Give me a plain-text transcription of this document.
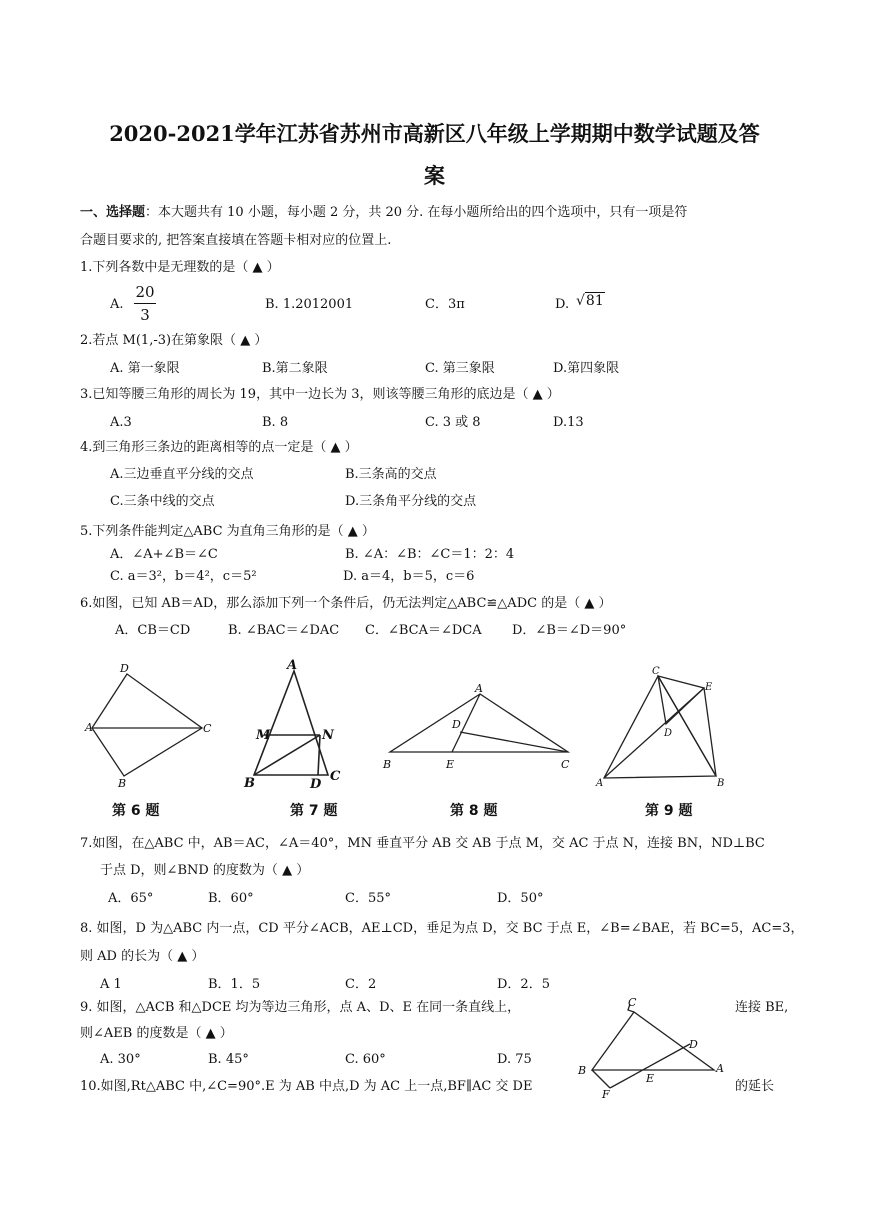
2020-2021学年江苏省苏州市高新区八年级上学期期中数学试题及答
案
一、选择题：本大题共有 10 小题，每小题 2 分，共 20 分. 在每小题所给出的四个选项中，只有一项是符
合题目要求的, 把答案直接填在答题卡相对应的位置上.
1.下列各数中是无理数的是（ ▲ ）
A.
20
3
B. 1.2012001	C．3π	D. √81
2.若点 M(1,-3)在第象限（ ▲ ）
A. 第一象限	B.第二象限	C. 第三象限	D.第四象限
3.已知等腰三角形的周长为 19，其中一边长为 3，则该等腰三角形的底边是（ ▲ ）
A.3	B. 8	C. 3 或 8	D.13
4.到三角形三条边的距离相等的点一定是（ ▲ ）
A.三边垂直平分线的交点	B.三条高的交点
C.三条中线的交点	D.三条角平分线的交点
5.下列条件能判定△ABC 为直角三角形的是（ ▲ ）
A．∠A+∠B＝∠C	B. ∠A：∠B：∠C＝1：2：4
C. a＝3²，b＝4²，c＝5²	D. a＝4，b＝5，c＝6
6.如图，已知 AB＝AD，那么添加下列一个条件后，仍无法判定△ABC≌△ADC 的是（ ▲ ）
A．CB＝CD	B. ∠BAC＝∠DAC C．∠BCA＝∠DCA D．∠B＝∠D＝90°
D
A	C
B
第 6 题
A
M	N
B	D
C
第 7 题
A
D
B	E	C
第 8 题
C
E
D
A	B
第 9 题
7.如图，在△ABC 中，AB＝AC，∠A＝40°，MN 垂直平分 AB 交 AB 于点 M，交 AC 于点 N，连接 BN，ND⊥BC
于点 D，则∠BND 的度数为（ ▲ ）
A．65°	B．60°	C．55°	D．50°
8. 如图，D 为△ABC 内一点，CD 平分∠ACB，AE⊥CD，垂足为点 D，交 BC 于点 E，∠B=∠BAE，若 BC=5，AC=3，
则 AD 的长为（ ▲ ）
A 1	B．1．5	C．2	D．2．5
9. 如图，△ACB 和△DCE 均为等边三角形，点 A、D、E 在同一条直线上，	连接 BE,
则∠AEB 的度数是（ ▲ ）
A. 30°	B. 45°	C. 60°	D. 75
10.如图,Rt△ABC 中,∠C=90°.E 为 AB 中点,D 为 AC 上一点,BF∥AC 交 DE	的延长
C
D
B
E
A
F
